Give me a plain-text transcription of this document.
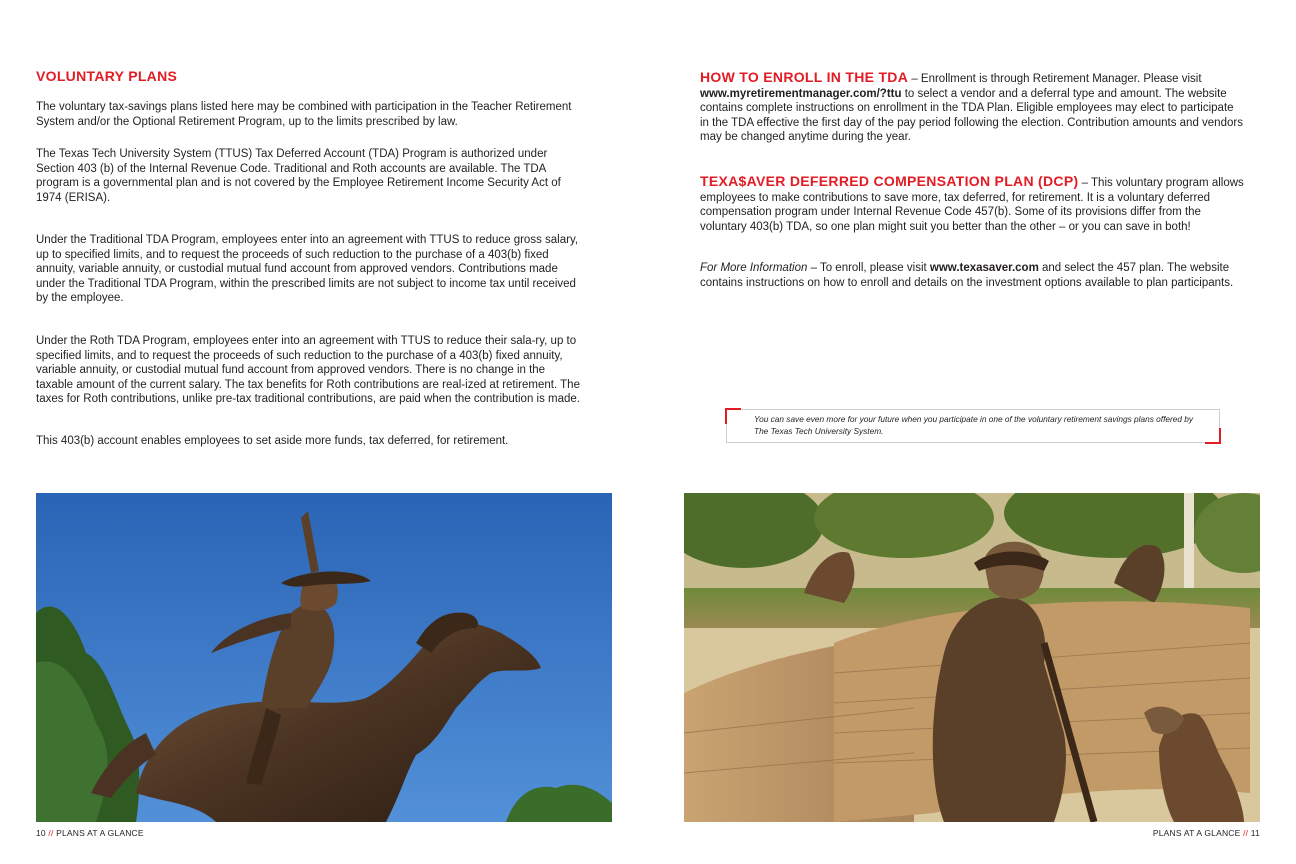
VOLUNTARY PLANS

The voluntary tax-savings plans listed here may be combined with participation in the Teacher Retirement System and/or the Optional Retirement Program, up to the limits prescribed by law.

The Texas Tech University System (TTUS) Tax Deferred Account (TDA) Program is authorized under Section 403 (b) of the Internal Revenue Code. Traditional and Roth accounts are available. The TDA program is a governmental plan and is not covered by the Employee Retirement Income Security Act of 1974 (ERISA).

Under the Traditional TDA Program, employees enter into an agreement with TTUS to reduce gross salary, up to specified limits, and to request the proceeds of such reduction to the purchase of a 403(b) fixed annuity, variable annuity, or custodial mutual fund account from approved vendors. Contributions made under the Traditional TDA Program, within the prescribed limits are not subject to income tax until received by the employee.

Under the Roth TDA Program, employees enter into an agreement with TTUS to reduce their sala-ry, up to specified limits, and to request the proceeds of such reduction to the purchase of a 403(b) fixed annuity, variable annuity, or custodial mutual fund account from approved vendors. There is no change in the taxable amount of the current salary. The tax benefits for Roth contributions are real-ized at retirement. The taxes for Roth contributions, unlike pre-tax traditional contributions, are paid when the contribution is made.

This 403(b) account enables employees to set aside more funds, tax deferred, for retirement.

10 // PLANS AT A GLANCE

HOW TO ENROLL IN THE TDA – Enrollment is through Retirement Manager. Please visit www.myretirementmanager.com/?ttu to select a vendor and a deferral type and amount. The website contains complete instructions on enrollment in the TDA Plan. Eligible employees may elect to participate in the TDA effective the first day of the pay period following the election. Contribution amounts and vendors may be changed anytime during the year.

TEXA$AVER DEFERRED COMPENSATION PLAN (DCP) – This voluntary program allows employees to make contributions to save more, tax deferred, for retirement. It is a voluntary deferred compensation program under Internal Revenue Code 457(b). Some of its provisions differ from the voluntary 403(b) TDA, so one plan might suit you better than the other – or you can save in both!

For More Information – To enroll, please visit www.texasaver.com and select the 457 plan. The website contains instructions on how to enroll and details on the investment options available to plan participants.

You can save even more for your future when you participate in one of the voluntary retirement savings plans offered by The Texas Tech University System.

PLANS AT A GLANCE // 11
